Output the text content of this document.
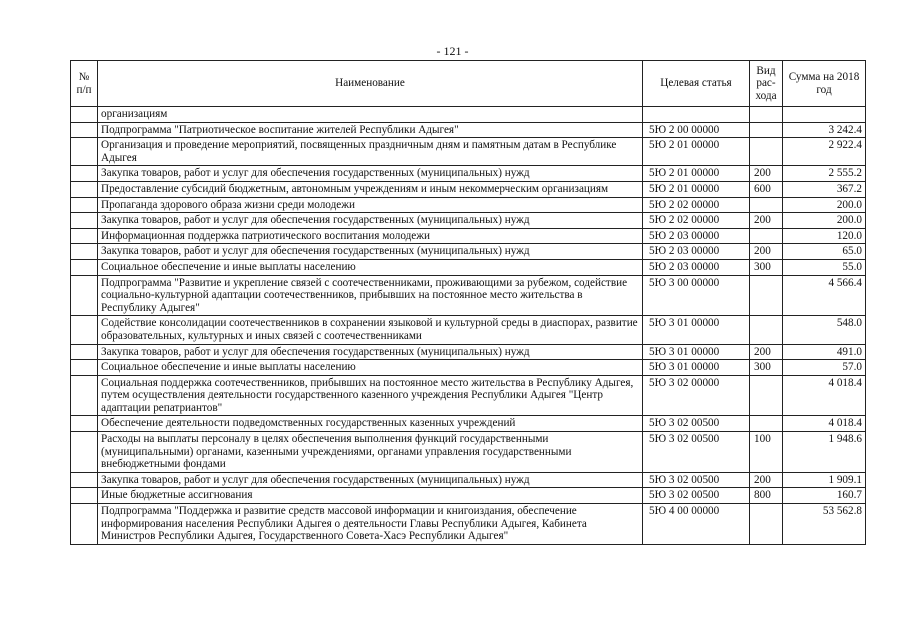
- 121 -
№ п/п	Наименование	Целевая статья	Вид рас-хода	Сумма на 2018 год
	организациям			
	Подпрограмма "Патриотическое воспитание жителей Республики Адыгея"	5Ю 2 00 00000		3 242.4
	Организация и проведение мероприятий, посвященных праздничным дням и памятным датам в Республике Адыгея	5Ю 2 01 00000		2 922.4
	Закупка товаров, работ и услуг для обеспечения государственных (муниципальных) нужд	5Ю 2 01 00000	200	2 555.2
	Предоставление субсидий бюджетным, автономным учреждениям и иным некоммерческим организациям	5Ю 2 01 00000	600	367.2
	Пропаганда здорового образа жизни среди молодежи	5Ю 2 02 00000		200.0
	Закупка товаров, работ и услуг для обеспечения государственных (муниципальных) нужд	5Ю 2 02 00000	200	200.0
	Информационная поддержка патриотического воспитания молодежи	5Ю 2 03 00000		120.0
	Закупка товаров, работ и услуг для обеспечения государственных (муниципальных) нужд	5Ю 2 03 00000	200	65.0
	Социальное обеспечение и иные выплаты населению	5Ю 2 03 00000	300	55.0
	Подпрограмма "Развитие и укрепление связей с соотечественниками, проживающими за рубежом, содействие социально-культурной адаптации соотечественников, прибывших на постоянное место жительства в Республику Адыгея"	5Ю 3 00 00000		4 566.4
	Содействие консолидации соотечественников в сохранении языковой и культурной среды в диаспорах, развитие образовательных, культурных и иных связей с соотечественниками	5Ю 3 01 00000		548.0
	Закупка товаров, работ и услуг для обеспечения государственных (муниципальных) нужд	5Ю 3 01 00000	200	491.0
	Социальное обеспечение и иные выплаты населению	5Ю 3 01 00000	300	57.0
	Социальная поддержка соотечественников, прибывших на постоянное место жительства в Республику Адыгея, путем осуществления деятельности государственного казенного учреждения Республики Адыгея "Центр адаптации репатриантов"	5Ю 3 02 00000		4 018.4
	Обеспечение деятельности подведомственных государственных казенных учреждений	5Ю 3 02 00500		4 018.4
	Расходы на выплаты персоналу в целях обеспечения выполнения функций государственными (муниципальными) органами, казенными учреждениями, органами управления государственными внебюджетными фондами	5Ю 3 02 00500	100	1 948.6
	Закупка товаров, работ и услуг для обеспечения государственных (муниципальных) нужд	5Ю 3 02 00500	200	1 909.1
	Иные бюджетные ассигнования	5Ю 3 02 00500	800	160.7
	Подпрограмма "Поддержка и развитие средств массовой информации и книгоиздания, обеспечение информирования населения Республики Адыгея о деятельности Главы Республики Адыгея, Кабинета Министров Республики Адыгея, Государственного Совета-Хасэ Республики Адыгея"	5Ю 4 00 00000		53 562.8
